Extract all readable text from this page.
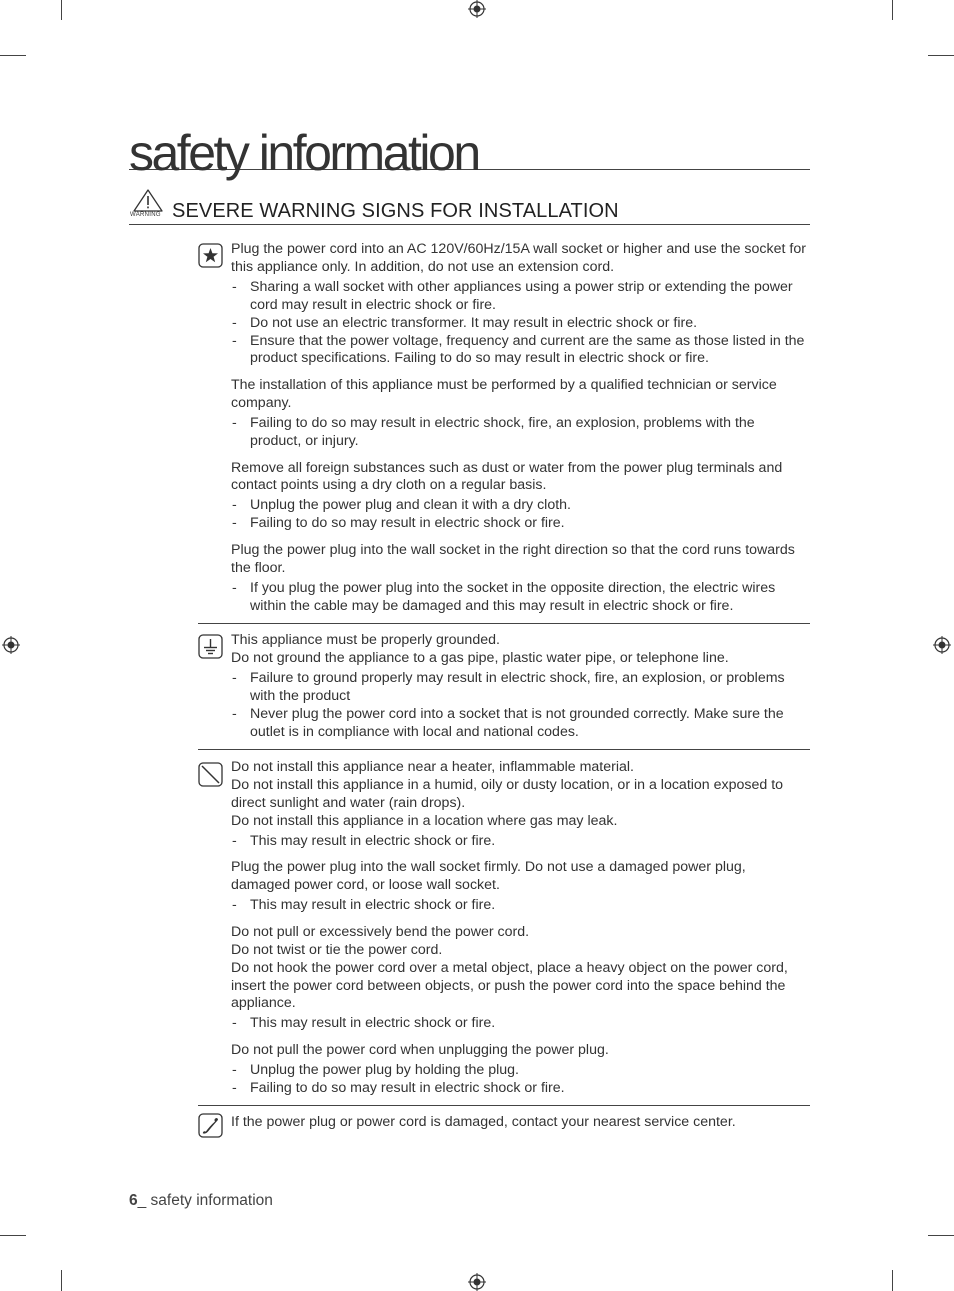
safety information
WARNING SEVERE WARNING SIGNS FOR INSTALLATION

Plug the power cord into an AC 120V/60Hz/15A wall socket or higher and use the socket for this appliance only. In addition, do not use an extension cord.

- Sharing a wall socket with other appliances using a power strip or extending the power cord may result in electric shock or fire.
- Do not use an electric transformer. It may result in electric shock or fire.
- Ensure that the power voltage, frequency and current are the same as those listed in the product specifications. Failing to do so may result in electric shock or fire.

The installation of this appliance must be performed by a qualified technician or service company.

- Failing to do so may result in electric shock, fire, an explosion, problems with the product, or injury.

Remove all foreign substances such as dust or water from the power plug terminals and contact points using a dry cloth on a regular basis.

- Unplug the power plug and clean it with a dry cloth.
- Failing to do so may result in electric shock or fire.

Plug the power plug into the wall socket in the right direction so that the cord runs towards the floor.

- If you plug the power plug into the socket in the opposite direction, the electric wires within the cable may be damaged and this may result in electric shock or fire.

This appliance must be properly grounded.

Do not ground the appliance to a gas pipe, plastic water pipe, or telephone line.

- Failure to ground properly may result in electric shock, fire, an explosion, or problems with the product
- Never plug the power cord into a socket that is not grounded correctly. Make sure the outlet is in compliance with local and national codes.

Do not install this appliance near a heater, inflammable material.

Do not install this appliance in a humid, oily or dusty location, or in a location exposed to direct sunlight and water (rain drops).

Do not install this appliance in a location where gas may leak.

- This may result in electric shock or fire.

Plug the power plug into the wall socket firmly. Do not use a damaged power plug, damaged power cord, or loose wall socket.

- This may result in electric shock or fire.

Do not pull or excessively bend the power cord.

Do not twist or tie the power cord.

Do not hook the power cord over a metal object, place a heavy object on the power cord, insert the power cord between objects, or push the power cord into the space behind the appliance.

- This may result in electric shock or fire.

Do not pull the power cord when unplugging the power plug.

- Unplug the power plug by holding the plug.
- Failing to do so may result in electric shock or fire.

If the power plug or power cord is damaged, contact your nearest service center.

6_ safety information
